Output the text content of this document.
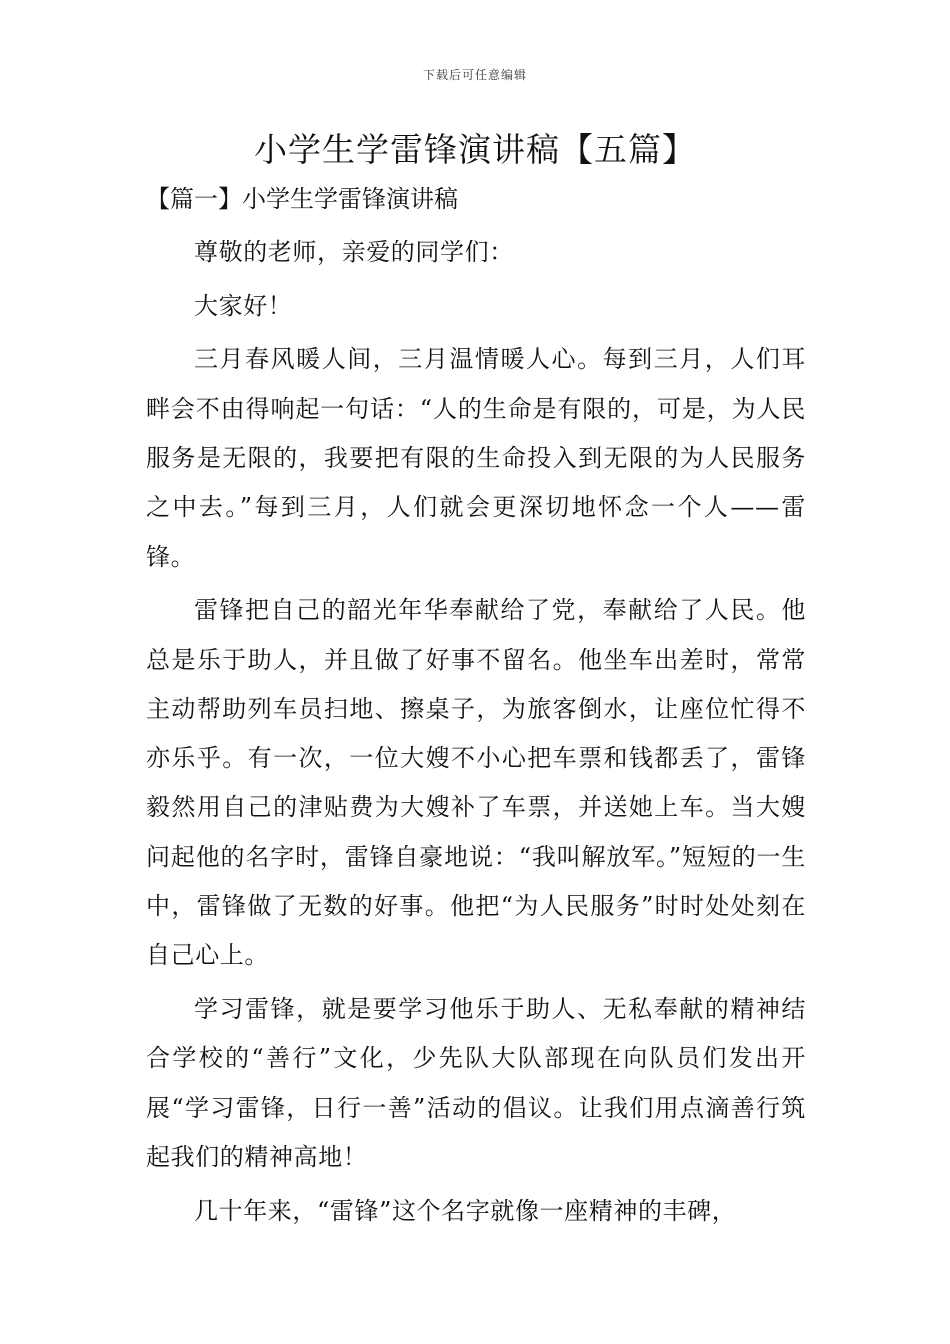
下载后可任意编辑
小学生学雷锋演讲稿【五篇】
【篇一】小学生学雷锋演讲稿

尊敬的老师，亲爱的同学们：

大家好！

三月春风暖人间，三月温情暖人心。每到三月，人们耳畔会不由得响起一句话：“人的生命是有限的，可是，为人民服务是无限的，我要把有限的生命投入到无限的为人民服务之中去。”每到三月，人们就会更深切地怀念一个人——雷锋。

雷锋把自己的韶光年华奉献给了党，奉献给了人民。他总是乐于助人，并且做了好事不留名。他坐车出差时，常常主动帮助列车员扫地、擦桌子，为旅客倒水，让座位忙得不亦乐乎。有一次，一位大嫂不小心把车票和钱都丢了，雷锋毅然用自己的津贴费为大嫂补了车票，并送她上车。当大嫂问起他的名字时，雷锋自豪地说：“我叫解放军。”短短的一生中，雷锋做了无数的好事。他把“为人民服务”时时处处刻在自己心上。

学习雷锋，就是要学习他乐于助人、无私奉献的精神结合学校的“善行”文化，少先队大队部现在向队员们发出开展“学习雷锋，日行一善”活动的倡议。让我们用点滴善行筑起我们的精神高地！

几十年来，“雷锋”这个名字就像一座精神的丰碑，
